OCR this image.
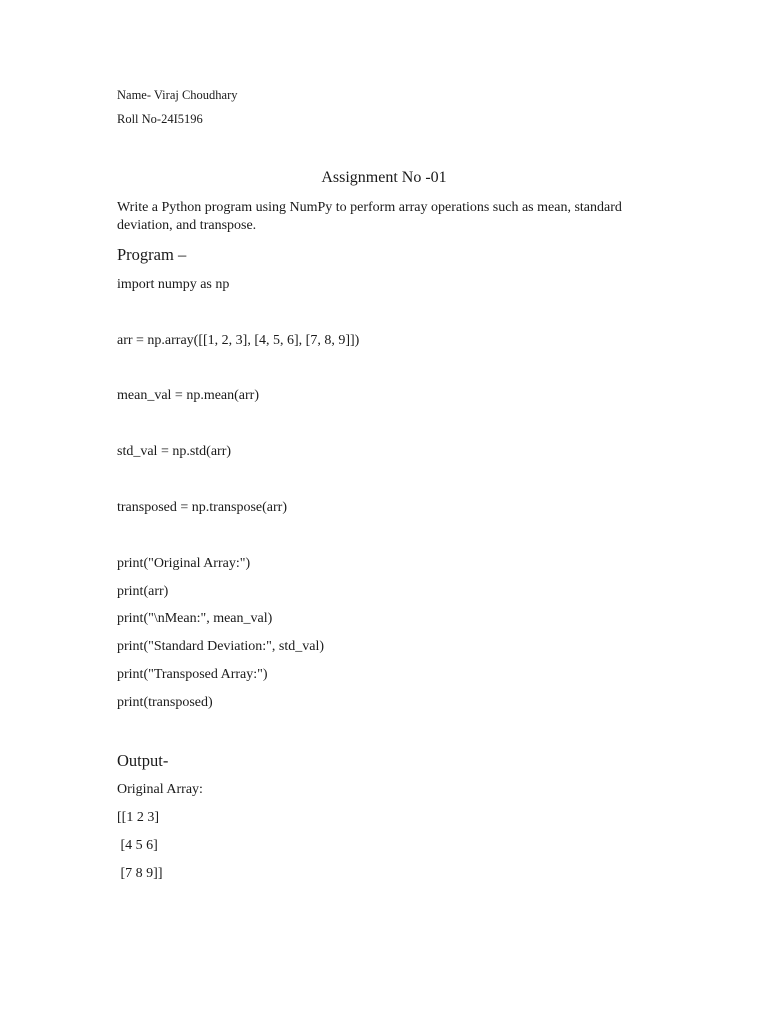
Name- Viraj Choudhary
Roll No-24I5196
Assignment No -01
Write a Python program using NumPy to perform array operations such as mean, standard deviation, and transpose.
Program –
import numpy as np
arr = np.array([[1, 2, 3], [4, 5, 6], [7, 8, 9]])
mean_val = np.mean(arr)
std_val = np.std(arr)
transposed = np.transpose(arr)
print("Original Array:")
print(arr)
print("\nMean:", mean_val)
print("Standard Deviation:", std_val)
print("Transposed Array:")
print(transposed)
Output-
Original Array:
[[1 2 3]
[4 5 6]
[7 8 9]]
